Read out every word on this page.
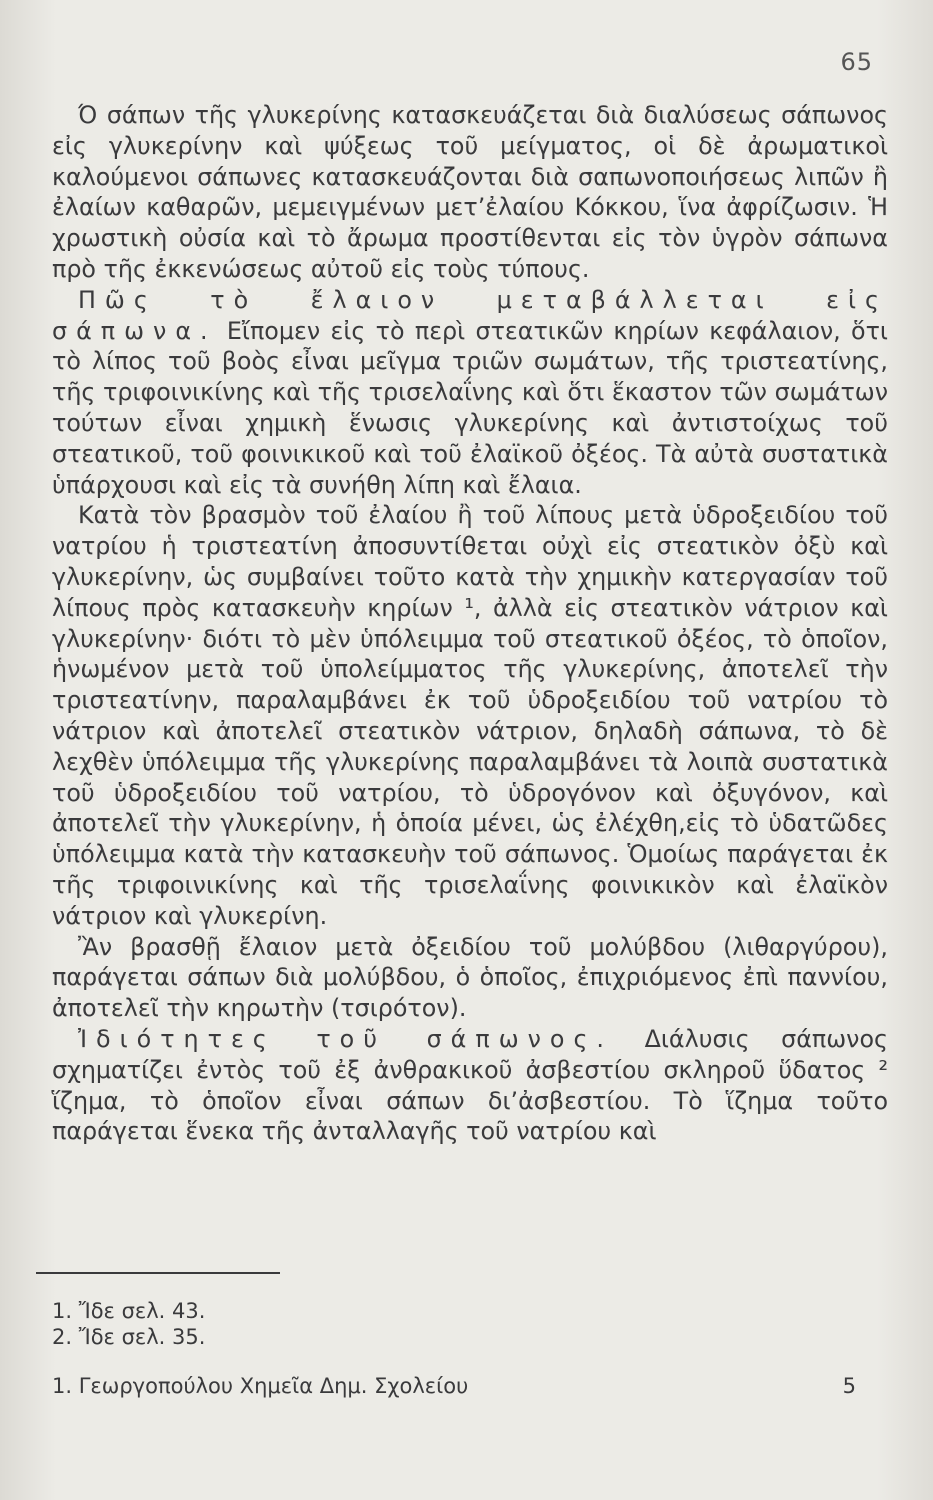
65

Ό σάπων τῆς γλυκερίνης κατασκευάζεται διὰ διαλύσεως σάπωνος εἰς γλυκερίνην καὶ ψύξεως τοῦ μείγματος, οἱ δὲ ἀρωματικοὶ καλούμενοι σάπωνες κατασκευάζονται διὰ σαπωνοποιήσεως λιπῶν ἢ ἐλαίων καθαρῶν, μεμειγμένων μετ’ἐλαίου Κόκκου, ἵνα ἀφρίζωσιν. Ἡ χρωστικὴ οὐσία καὶ τὸ ἄρωμα προστίθενται εἰς τὸν ὑγρὸν σάπωνα πρὸ τῆς ἐκκενώσεως αὐτοῦ εἰς τοὺς τύπους.

Πῶς τὸ ἔλαιον μεταβάλλεται εἰς σάπωνα. Εἴπομεν εἰς τὸ περὶ στεατικῶν κηρίων κεφάλαιον, ὅτι τὸ λίπος τοῦ βοὸς εἶναι μεῖγμα τριῶν σωμάτων, τῆς τριστεατίνης, τῆς τριφοινικίνης καὶ τῆς τρισελαΐνης καὶ ὅτι ἕκαστον τῶν σωμάτων τούτων εἶναι χημικὴ ἕνωσις γλυκερίνης καὶ ἀντιστοίχως τοῦ στεατικοῦ, τοῦ φοινικικοῦ καὶ τοῦ ἐλαϊκοῦ ὀξέος. Τὰ αὐτὰ συστατικὰ ὑπάρχουσι καὶ εἰς τὰ συνήθη λίπη καὶ ἔλαια.

Κατὰ τὸν βρασμὸν τοῦ ἐλαίου ἢ τοῦ λίπους μετὰ ὑδροξειδίου τοῦ νατρίου ἡ τριστεατίνη ἀποσυντίθεται οὐχὶ εἰς στεατικὸν ὀξὺ καὶ γλυκερίνην, ὡς συμβαίνει τοῦτο κατὰ τὴν χημικὴν κατεργασίαν τοῦ λίπους πρὸς κατασκευὴν κηρίων ¹, ἀλλὰ εἰς στεατικὸν νάτριον καὶ γλυκερίνην· διότι τὸ μὲν ὑπόλειμμα τοῦ στεατικοῦ ὀξέος, τὸ ὁποῖον, ἡνωμένον μετὰ τοῦ ὑπολείμματος τῆς γλυκερίνης, ἀποτελεῖ τὴν τριστεατίνην, παραλαμβάνει ἐκ τοῦ ὑδροξειδίου τοῦ νατρίου τὸ νάτριον καὶ ἀποτελεῖ στεατικὸν νάτριον, δηλαδὴ σάπωνα, τὸ δὲ λεχθὲν ὑπόλειμμα τῆς γλυκερίνης παραλαμβάνει τὰ λοιπὰ συστατικὰ τοῦ ὑδροξειδίου τοῦ νατρίου, τὸ ὑδρογόνον καὶ ὀξυγόνον, καὶ ἀποτελεῖ τὴν γλυκερίνην, ἡ ὁποία μένει, ὡς ἐλέχθη,εἰς τὸ ὑδατῶδες ὑπόλειμμα κατὰ τὴν κατασκευὴν τοῦ σάπωνος. Ὁμοίως παράγεται ἐκ τῆς τριφοινικίνης καὶ τῆς τρισελαΐνης φοινικικὸν καὶ ἐλαϊκὸν νάτριον καὶ γλυκερίνη.

Ἂν βρασθῇ ἔλαιον μετὰ ὀξειδίου τοῦ μολύβδου (λιθαργύρου), παράγεται σάπων διὰ μολύβδου, ὁ ὁποῖος, ἐπιχριόμενος ἐπὶ παννίου, ἀποτελεῖ τὴν κηρωτὴν (τσιρότον).

Ἰδιότητες τοῦ σάπωνος. Διάλυσις σάπωνος σχηματίζει ἐντὸς τοῦ ἐξ ἀνθρακικοῦ ἀσβεστίου σκληροῦ ὕδατος ² ἵζημα, τὸ ὁποῖον εἶναι σάπων δι’ἀσβεστίου. Τὸ ἵζημα τοῦτο παράγεται ἕνεκα τῆς ἀνταλλαγῆς τοῦ νατρίου καὶ

1. Ἴδε σελ. 43.
2. Ἴδε σελ. 35.
1. Γεωργοπούλου Χημεῖα Δημ. Σχολείου	5
